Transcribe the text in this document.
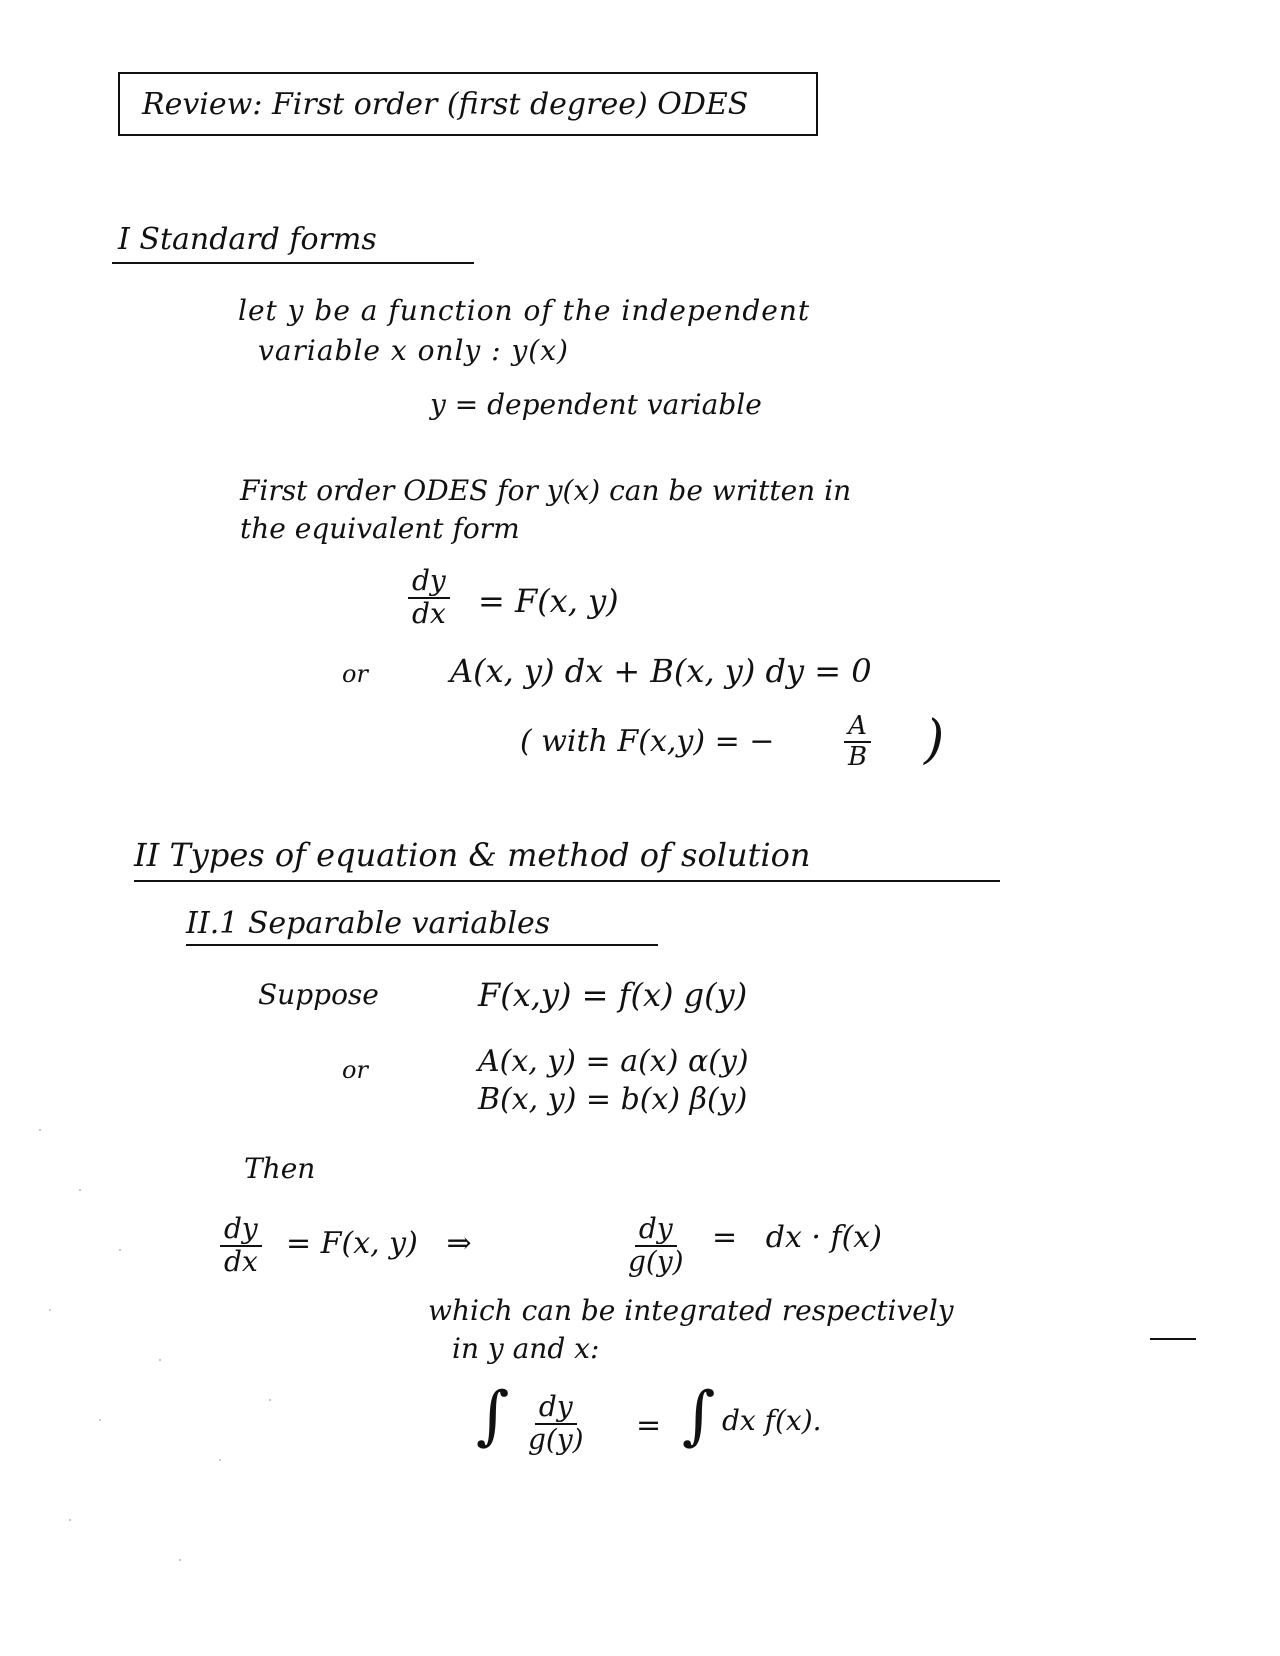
Review: First order (first degree) ODES
I Standard forms
let y be a function of the independent
variable x only : y(x)
y = dependent variable
First order ODES for y(x) can be written in
the equivalent form
$\frac{dy}{dx} = F(x$, y)
or	A(x, y) dx + B(x, y) dy = 0
( with F(x,y) = −	$\frac{A}{B}$ )
II Types of equation & method of solution
II.1 Separable variables
Suppose	F(x,y) = f(x) g(y)
or	A(x, y) = a(x) α(y)
B(x, y) = b(x) β(y)
Then
$\frac{dy}{dx} = F(x$, y)   ⇒	$\frac{dy}{g(y)}$ =   dx · f(x)
which can be integrated respectively
in y and x:
∫ $\frac{dy}{g(y)}$ = ∫ dx f(x).
